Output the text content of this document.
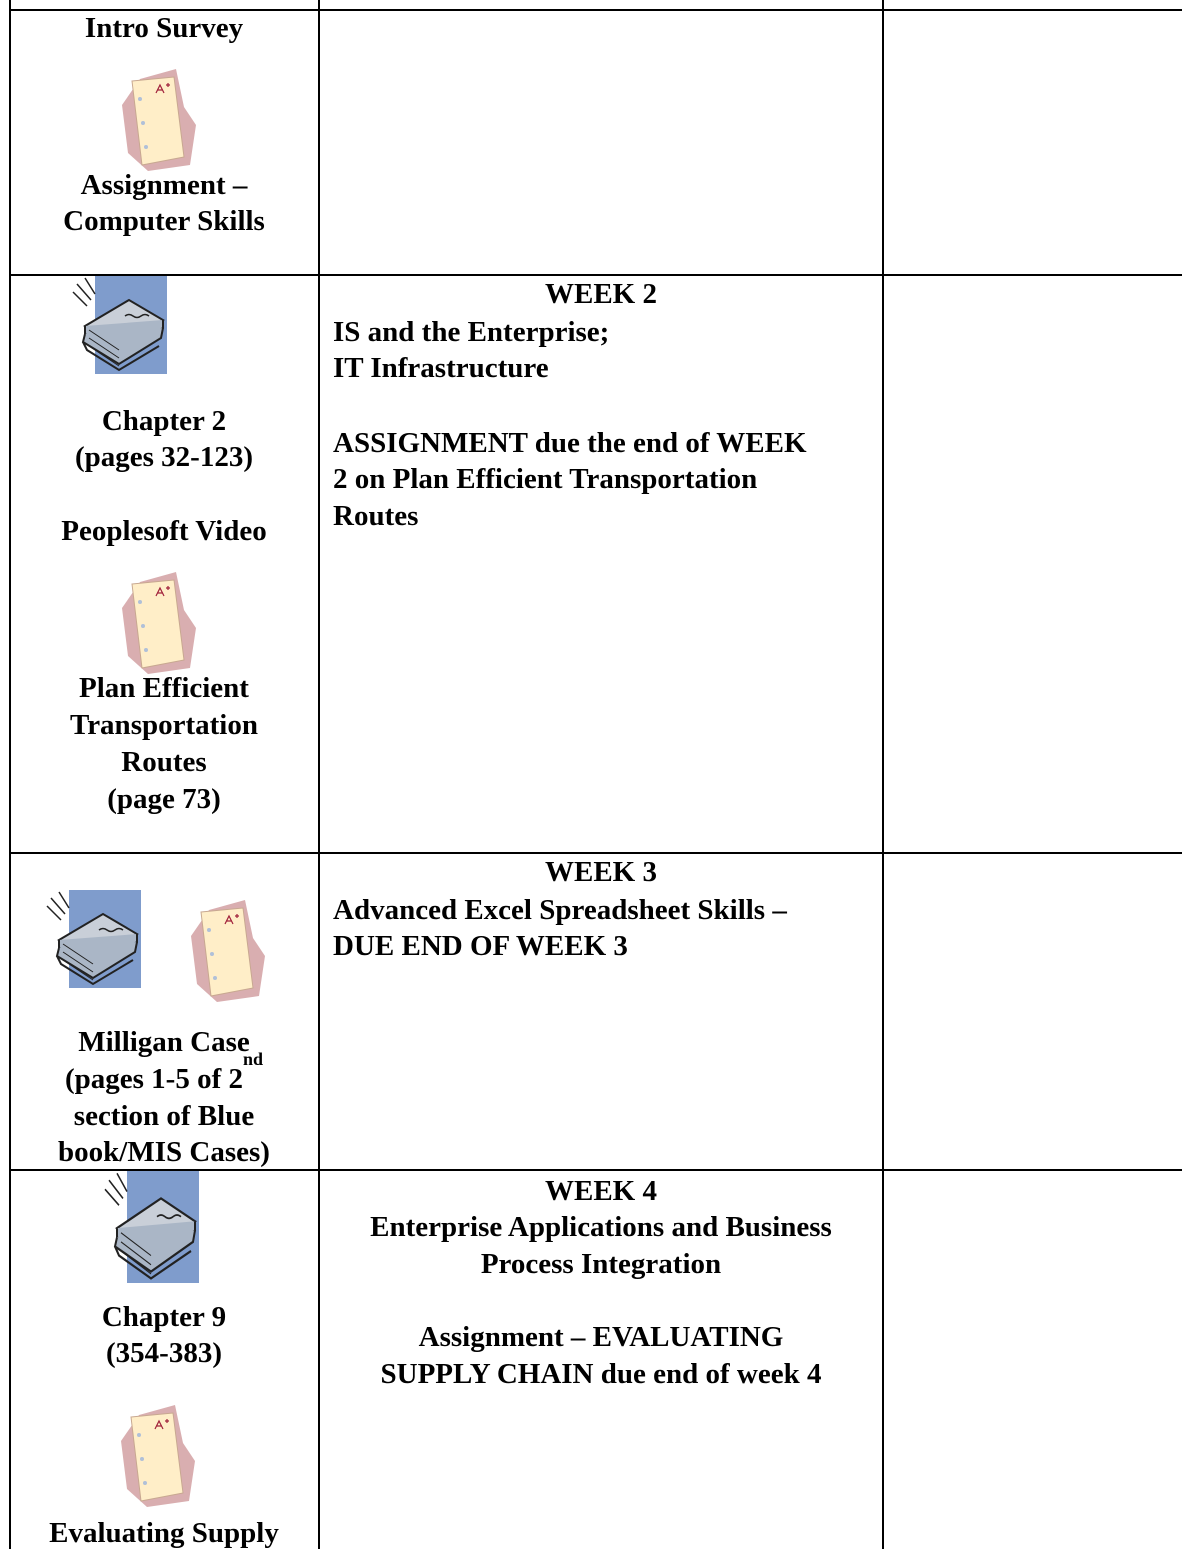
Intro Survey
Assignment –
Computer Skills
Chapter 2
(pages 32-123)
Peoplesoft Video
Plan Efficient
Transportation
Routes
(page 73)
WEEK 2
IS and the Enterprise;
IT Infrastructure
ASSIGNMENT due the end of WEEK
2 on Plan Efficient Transportation
Routes
Milligan Case
(pages 1-5 of 2nd
section of Blue
book/MIS Cases)
WEEK 3
Advanced Excel Spreadsheet Skills –
DUE END OF WEEK 3
Chapter 9
(354-383)
Evaluating Supply
WEEK 4
Enterprise Applications and Business
Process Integration
Assignment – EVALUATING
SUPPLY CHAIN due end of week 4
